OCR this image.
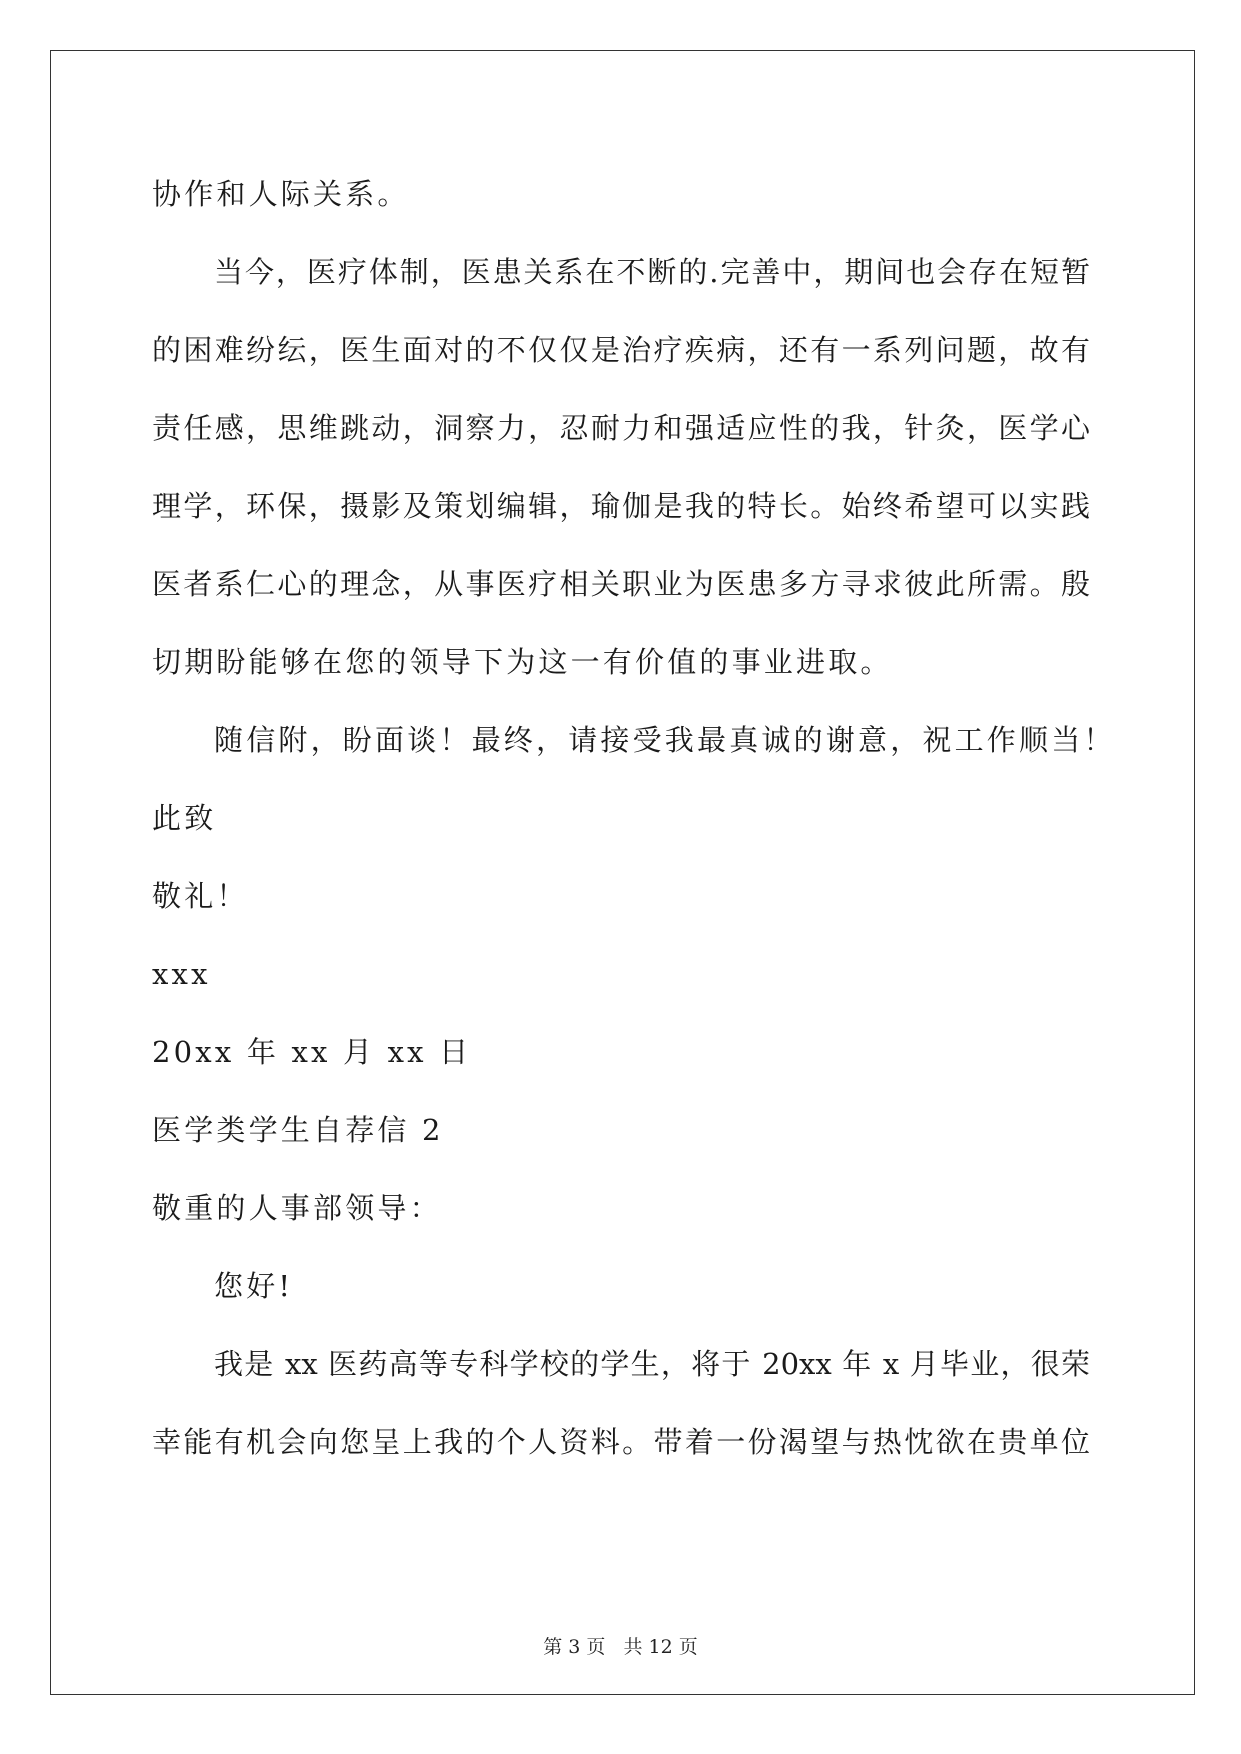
协作和人际关系。
当今，医疗体制，医患关系在不断的.完善中，期间也会存在短暂
的困难纷纭，医生面对的不仅仅是治疗疾病，还有一系列问题，故有
责任感，思维跳动，洞察力，忍耐力和强适应性的我，针灸，医学心
理学，环保，摄影及策划编辑，瑜伽是我的特长。始终希望可以实践
医者系仁心的理念，从事医疗相关职业为医患多方寻求彼此所需。殷
切期盼能够在您的领导下为这一有价值的事业进取。
随信附，盼面谈！最终，请接受我最真诚的谢意，祝工作顺当！
此致
敬礼！
xxx
20xx 年 xx 月 xx 日
医学类学生自荐信 2
敬重的人事部领导：
您好!
我是 xx 医药高等专科学校的学生，将于 20xx 年 x 月毕业，很荣
幸能有机会向您呈上我的个人资料。带着一份渴望与热忱欲在贵单位
第 3 页 共 12 页
